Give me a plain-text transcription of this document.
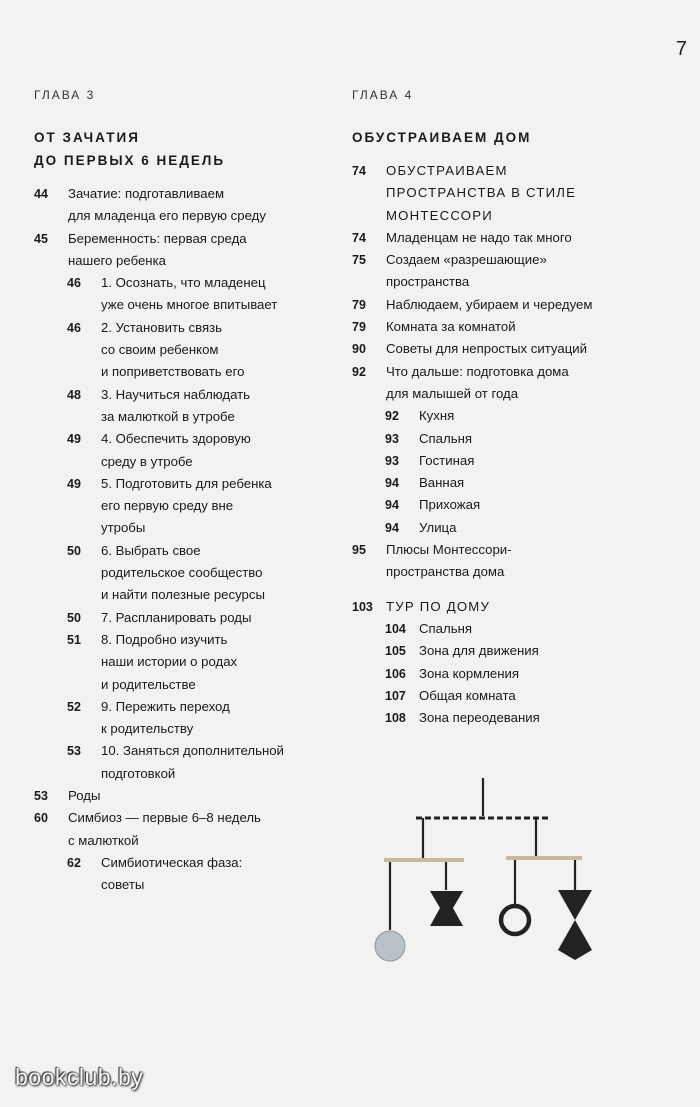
7
ГЛАВА 3
ОТ ЗАЧАТИЯ
ДО ПЕРВЫХ 6 НЕДЕЛЬ
44	Зачатие: подготавливаем
для младенца его первую среду
45	Беременность: первая среда
нашего ребенка
46	1. Осознать, что младенец
уже очень многое впитывает
46	2. Установить связь
со своим ребенком
и поприветствовать его
48	3. Научиться наблюдать
за малюткой в утробе
49	4. Обеспечить здоровую
среду в утробе
49	5. Подготовить для ребенка
его первую среду вне
утробы
50	6. Выбрать свое
родительское сообщество
и найти полезные ресурсы
50	7. Распланировать роды
51	8. Подробно изучить
наши истории о родах
и родительстве
52	9. Пережить переход
к родительству
53	10. Заняться дополнительной
подготовкой
53	Роды
60	Симбиоз — первые 6–8 недель
с малюткой
62	Симбиотическая фаза:
советы
ГЛАВА 4
ОБУСТРАИВАЕМ ДОМ
74	ОБУСТРАИВАЕМ
ПРОСТРАНСТВА В СТИЛЕ
МОНТЕССОРИ
74	Младенцам не надо так много
75	Создаем «разрешающие»
пространства
79	Наблюдаем, убираем и чередуем
79	Комната за комнатой
90	Советы для непростых ситуаций
92	Что дальше: подготовка дома
для малышей от года
92	Кухня
93	Спальня
93	Гостиная
94	Ванная
94	Прихожая
94	Улица
95	Плюсы Монтессори-
пространства дома
103 ТУР ПО ДОМУ
104 Спальня
105 Зона для движения
106 Зона кормления
107 Общая комната
108 Зона переодевания
bookclub.by
